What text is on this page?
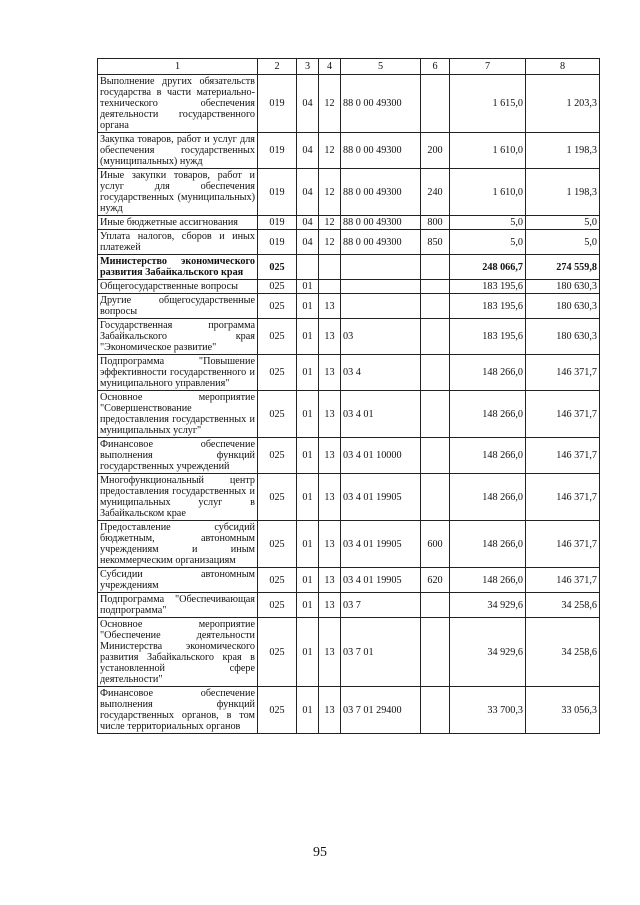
1	2	3	4	5	6	7	8
Выполнение других обязательств государства в части материально-технического обеспечения деятельности государственного органа	019	04	12	88 0 00 49300		1 615,0	1 203,3
Закупка товаров, работ и услуг для обеспечения государственных (муниципальных) нужд	019	04	12	88 0 00 49300	200	1 610,0	1 198,3
Иные закупки товаров, работ и услуг для обеспечения государственных (муниципальных) нужд	019	04	12	88 0 00 49300	240	1 610,0	1 198,3
Иные бюджетные ассигнования	019	04	12	88 0 00 49300	800	5,0	5,0
Уплата налогов, сборов и иных платежей	019	04	12	88 0 00 49300	850	5,0	5,0
Министерство экономического развития Забайкальского края	025					248 066,7	274 559,8
Общегосударственные вопросы	025	01				183 195,6	180 630,3
Другие общегосударственные вопросы	025	01	13			183 195,6	180 630,3
Государственная программа Забайкальского края "Экономическое развитие"	025	01	13	03		183 195,6	180 630,3
Подпрограмма "Повышение эффективности государственного и муниципального управления"	025	01	13	03 4		148 266,0	146 371,7
Основное мероприятие "Совершенствование предоставления государственных и муниципальных услуг"	025	01	13	03 4 01		148 266,0	146 371,7
Финансовое обеспечение выполнения функций государственных учреждений	025	01	13	03 4 01 10000		148 266,0	146 371,7
Многофункциональный центр предоставления государственных и муниципальных услуг в Забайкальском крае	025	01	13	03 4 01 19905		148 266,0	146 371,7
Предоставление субсидий бюджетным, автономным учреждениям и иным некоммерческим организациям	025	01	13	03 4 01 19905	600	148 266,0	146 371,7
Субсидии автономным учреждениям	025	01	13	03 4 01 19905	620	148 266,0	146 371,7
Подпрограмма "Обеспечивающая подпрограмма"	025	01	13	03 7		34 929,6	34 258,6
Основное мероприятие "Обеспечение деятельности Министерства экономического развития Забайкальского края в установленной сфере деятельности"	025	01	13	03 7 01		34 929,6	34 258,6
Финансовое обеспечение выполнения функций государственных органов, в том числе территориальных органов	025	01	13	03 7 01 29400		33 700,3	33 056,3
95
